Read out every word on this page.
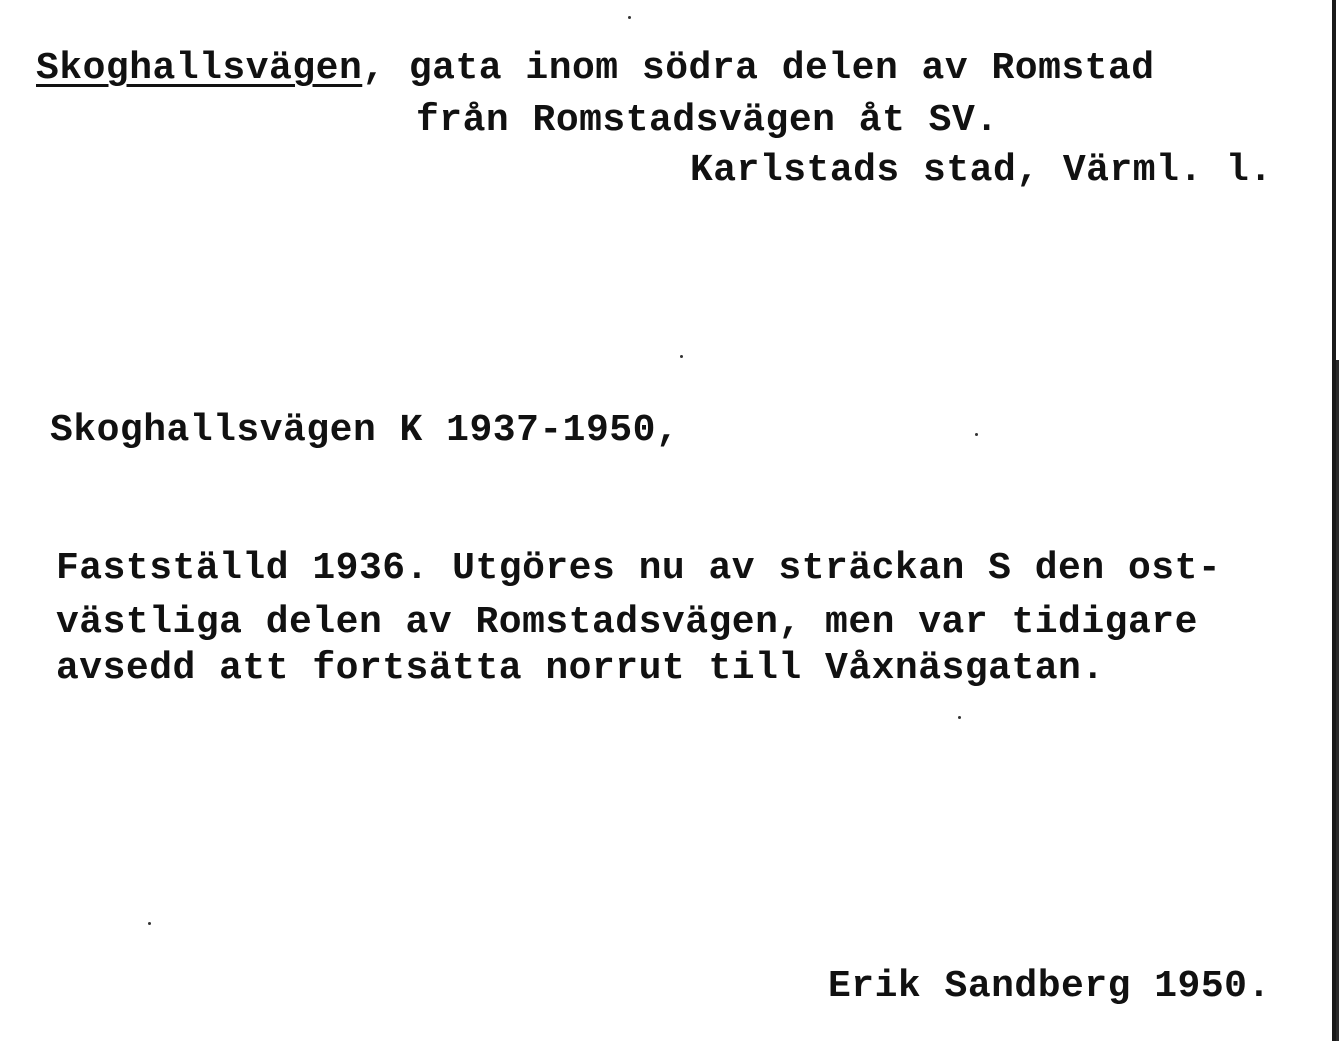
Skoghallsvägen, gata inom södra delen av Romstad
från Romstadsvägen åt SV.
Karlstads stad, Värml. l.
Skoghallsvägen K 1937-1950,
Fastställd 1936. Utgöres nu av sträckan S den ost-
västliga delen av Romstadsvägen, men var tidigare
avsedd att fortsätta norrut till Våxnäsgatan.
Erik Sandberg 1950.
